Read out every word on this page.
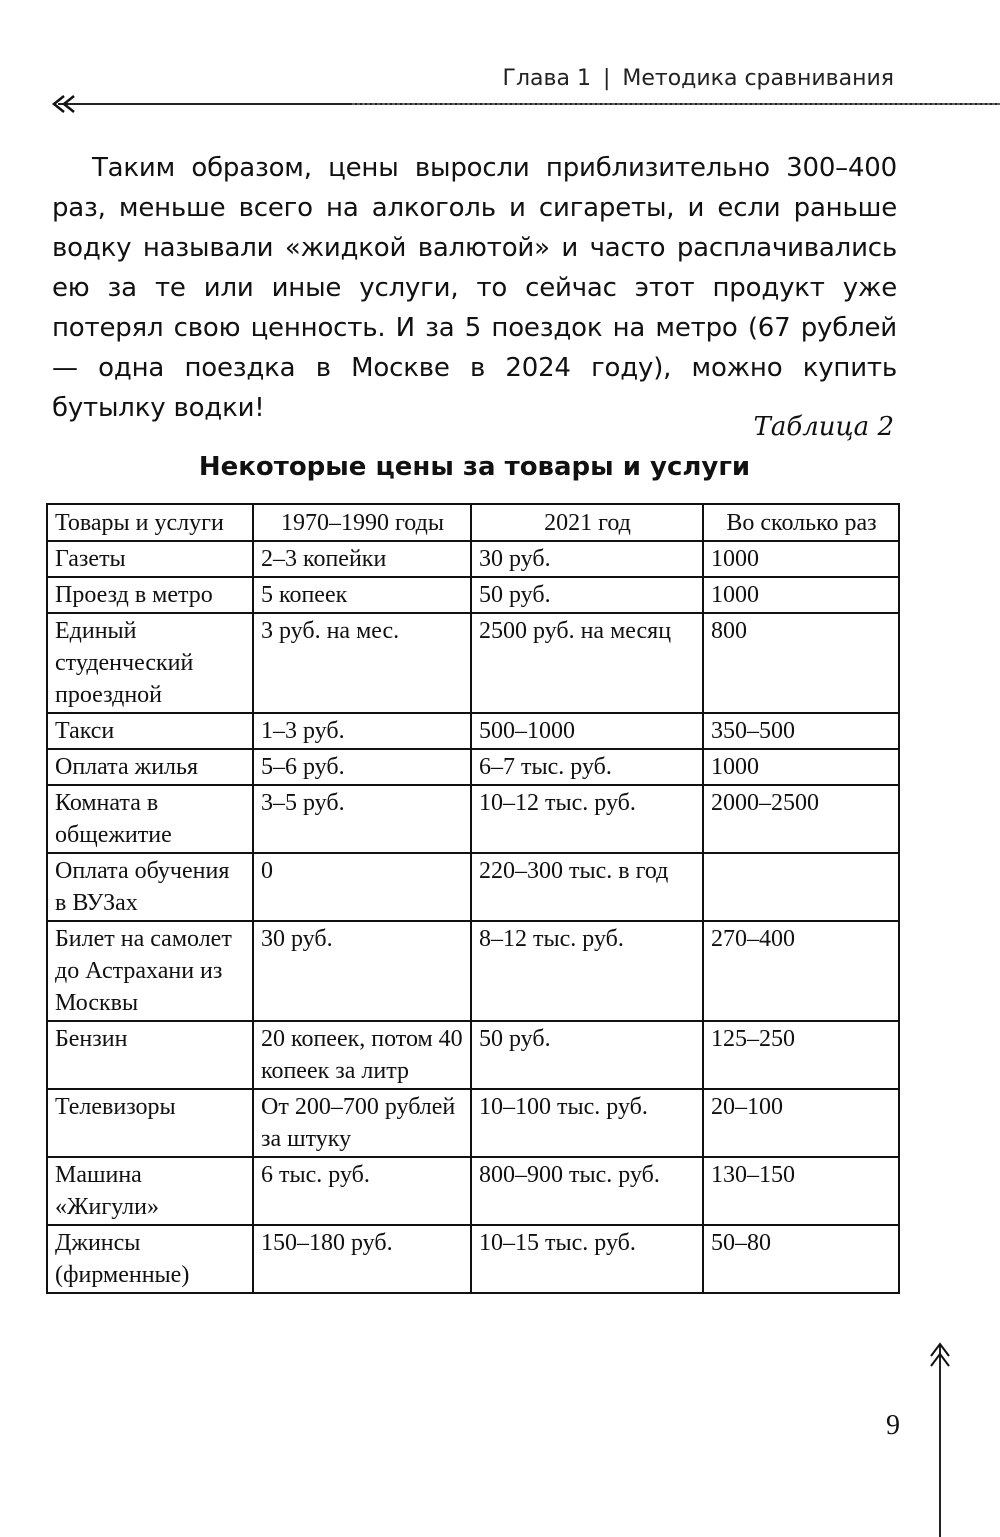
Глава 1 | Методика сравнивания

Таким образом, цены выросли приблизительно 300–400 раз, меньше всего на алкоголь и сигареты, и если раньше водку называли «жидкой валютой» и часто расплачивались ею за те или иные услуги, то сейчас этот продукт уже потерял свою ценность. И за 5 поездок на метро (67 рублей — одна поездка в Москве в 2024 году), можно купить бутылку водки!

Таблица 2
Некоторые цены за товары и услуги
Товары и услуги	1970–1990 годы	2021 год	Во сколько раз
Газеты	2–3 копейки	30 руб.	1000
Проезд в метро	5 копеек	50 руб.	1000
Единый студенческий проездной	3 руб. на мес.	2500 руб. на месяц	800
Такси	1–3 руб.	500–1000	350–500
Оплата жилья	5–6 руб.	6–7 тыс. руб.	1000
Комната в общежитие	3–5 руб.	10–12 тыс. руб.	2000–2500
Оплата обучения в ВУЗах	0	220–300 тыс. в год	
Билет на самолет до Астрахани из Москвы	30 руб.	8–12 тыс. руб.	270–400
Бензин	20 копеек, потом 40 копеек за литр	50 руб.	125–250
Телевизоры	От 200–700 рублей за штуку	10–100 тыс. руб.	20–100
Машина «Жигули»	6 тыс. руб.	800–900 тыс. руб.	130–150
Джинсы (фирменные)	150–180 руб.	10–15 тыс. руб.	50–80
9
